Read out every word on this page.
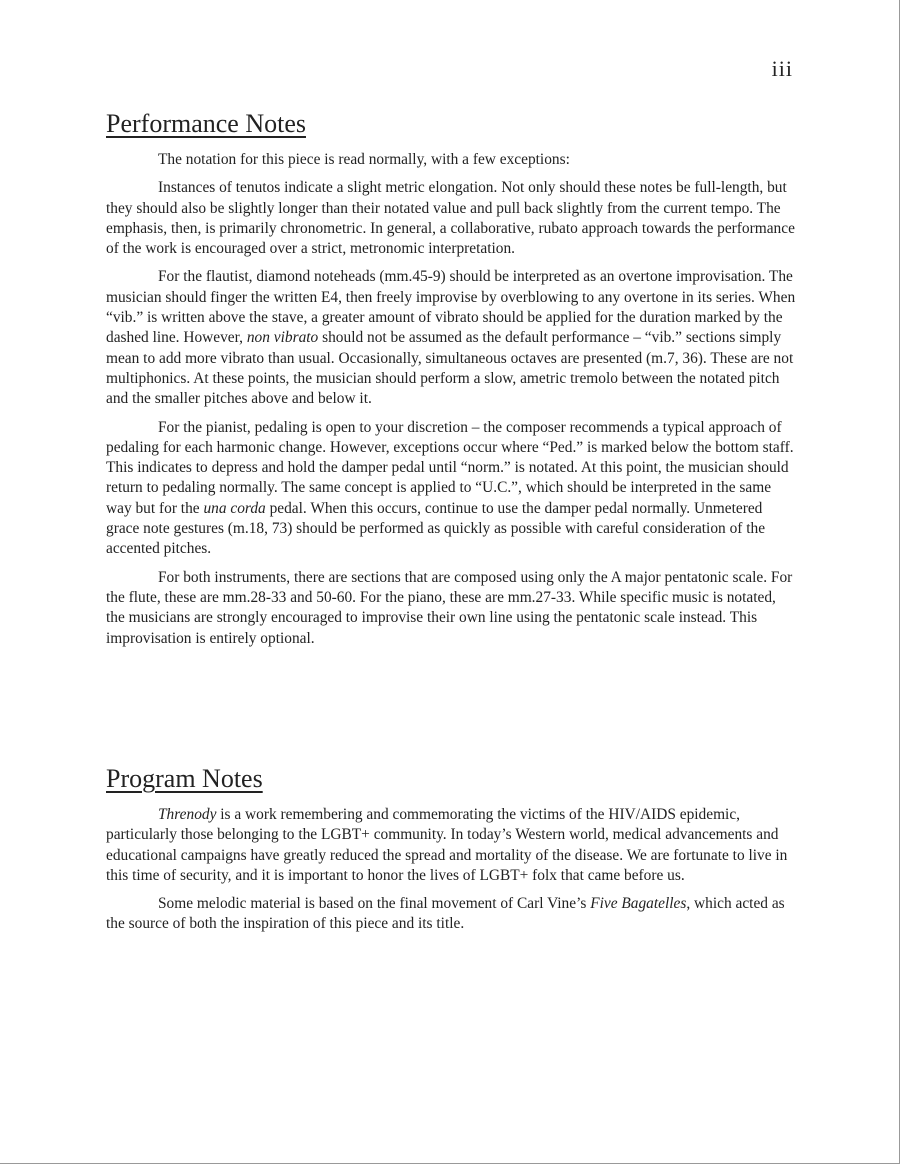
iii
Performance Notes

The notation for this piece is read normally, with a few exceptions:

Instances of tenutos indicate a slight metric elongation. Not only should these notes be full-length, but they should also be slightly longer than their notated value and pull back slightly from the current tempo. The emphasis, then, is primarily chronometric. In general, a collaborative, rubato approach towards the performance of the work is encouraged over a strict, metronomic interpretation.

For the flautist, diamond noteheads (mm.45-9) should be interpreted as an overtone improvisation. The musician should finger the written E4, then freely improvise by overblowing to any overtone in its series. When “vib.” is written above the stave, a greater amount of vibrato should be applied for the duration marked by the dashed line. However, non vibrato should not be assumed as the default performance – “vib.” sections simply mean to add more vibrato than usual. Occasionally, simultaneous octaves are presented (m.7, 36). These are not multiphonics. At these points, the musician should perform a slow, ametric tremolo between the notated pitch and the smaller pitches above and below it.

For the pianist, pedaling is open to your discretion – the composer recommends a typical approach of pedaling for each harmonic change. However, exceptions occur where “Ped.” is marked below the bottom staff. This indicates to depress and hold the damper pedal until “norm.” is notated. At this point, the musician should return to pedaling normally. The same concept is applied to “U.C.”, which should be interpreted in the same way but for the una corda pedal. When this occurs, continue to use the damper pedal normally. Unmetered grace note gestures (m.18, 73) should be performed as quickly as possible with careful consideration of the accented pitches.

For both instruments, there are sections that are composed using only the A major pentatonic scale. For the flute, these are mm.28-33 and 50-60. For the piano, these are mm.27-33. While specific music is notated, the musicians are strongly encouraged to improvise their own line using the pentatonic scale instead. This improvisation is entirely optional.

Program Notes

Threnody is a work remembering and commemorating the victims of the HIV/AIDS epidemic, particularly those belonging to the LGBT+ community. In today’s Western world, medical advancements and educational campaigns have greatly reduced the spread and mortality of the disease. We are fortunate to live in this time of security, and it is important to honor the lives of LGBT+ folx that came before us.

Some melodic material is based on the final movement of Carl Vine’s Five Bagatelles, which acted as the source of both the inspiration of this piece and its title.
